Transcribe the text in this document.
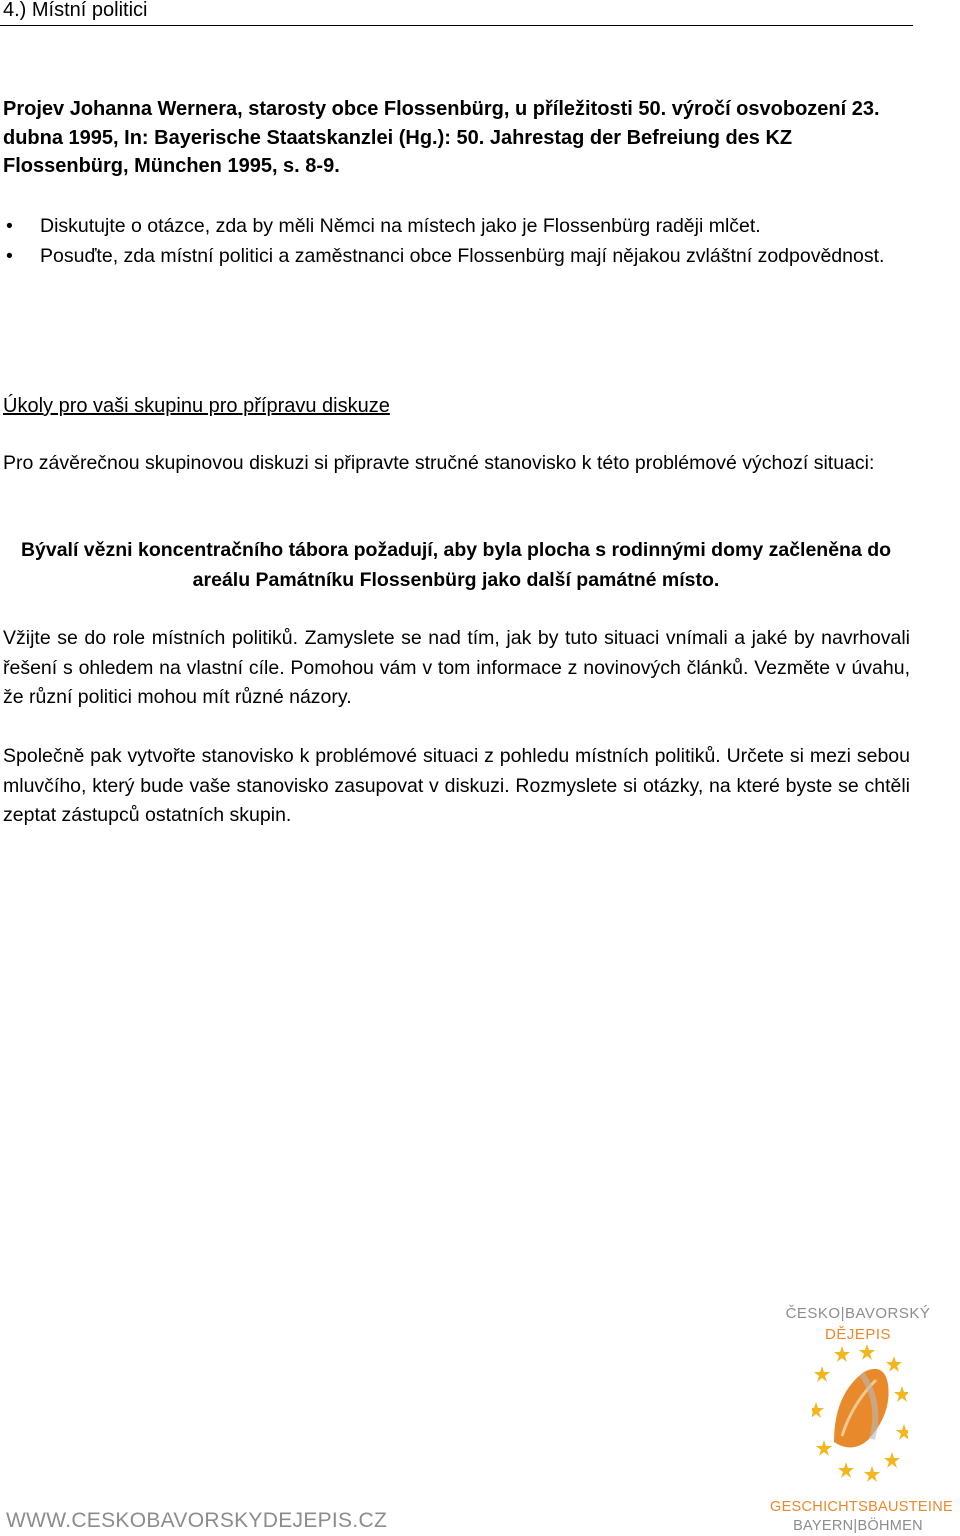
4.) Místní politici
Projev Johanna Wernera, starosty obce Flossenbürg, u příležitosti 50. výročí osvobození 23. dubna 1995, In: Bayerische Staatskanzlei (Hg.): 50. Jahrestag der Befreiung des KZ Flossenbürg, München 1995, s. 8-9.
• Diskutujte o otázce, zda by měli Němci na místech jako je Flossenbürg raději mlčet.
• Posuďte, zda místní politici a zaměstnanci obce Flossenbürg mají nějakou zvláštní zodpovědnost.
Úkoly pro vaši skupinu pro přípravu diskuze
Pro závěrečnou skupinovou diskuzi si připravte stručné stanovisko k této problémové výchozí situaci:
Bývalí vězni koncentračního tábora požadují, aby byla plocha s rodinnými domy začleněna do areálu Památníku Flossenbürg jako další památné místo.
Vžijte se do role místních politiků. Zamyslete se nad tím, jak by tuto situaci vnímali a jaké by navrhovali řešení s ohledem na vlastní cíle. Pomohou vám v tom informace z novinových článků. Vezměte v úvahu, že různí politici mohou mít různé názory.
Společně pak vytvořte stanovisko k problémové situaci z pohledu místních politiků. Určete si mezi sebou mluvčího, který bude vaše stanovisko zasupovat v diskuzi. Rozmyslete si otázky, na které byste se chtěli zeptat zástupců ostatních skupin.
ČESKO|BAVORSKÝ
DĚJEPIS
GESCHICHTSBAUSTEINE
BAYERN|BÖHMEN
WWW.CESKOBAVORSKYDEJEPIS.CZ
